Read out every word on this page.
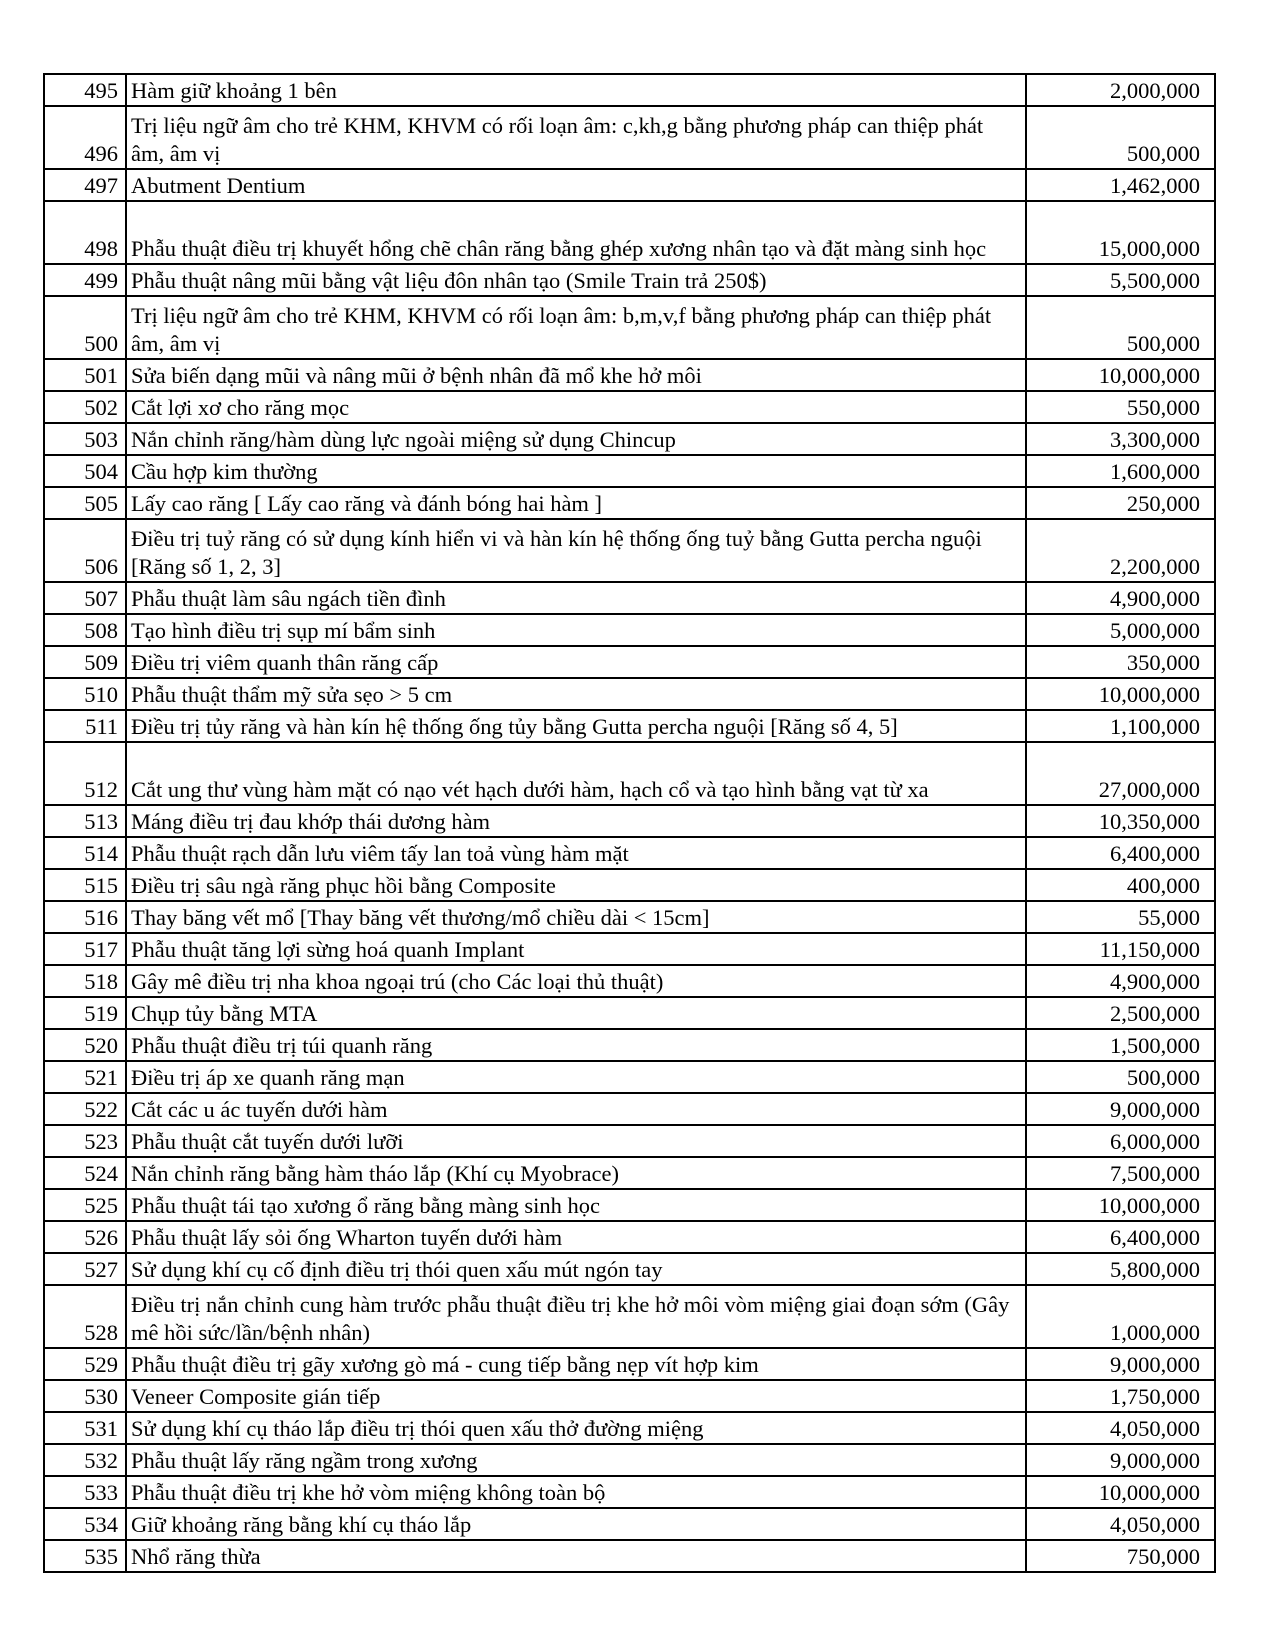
495	Hàm giữ khoảng 1 bên	2,000,000
496	Trị liệu ngữ âm cho trẻ KHM, KHVM có rối loạn âm: c,kh,g bằng phương pháp can thiệp phát âm, âm vị	500,000
497	Abutment Dentium	1,462,000
498	Phẫu thuật điều trị khuyết hổng chẽ chân răng bằng ghép xương nhân tạo và đặt màng sinh học	15,000,000
499	Phẫu thuật nâng mũi bằng vật liệu đôn nhân tạo (Smile Train trả 250$)	5,500,000
500	Trị liệu ngữ âm cho trẻ KHM, KHVM có rối loạn âm: b,m,v,f bằng phương pháp can thiệp phát âm, âm vị	500,000
501	Sửa biến dạng mũi và nâng mũi ở bệnh nhân đã mổ khe hở môi	10,000,000
502	Cắt lợi xơ cho răng mọc	550,000
503	Nắn chỉnh răng/hàm dùng lực ngoài miệng sử dụng Chincup	3,300,000
504	Cầu hợp kim thường	1,600,000
505	Lấy cao răng [ Lấy cao răng và đánh bóng hai hàm ]	250,000
506	Điều trị tuỷ răng có sử dụng kính hiển vi và hàn kín hệ thống ống tuỷ bằng Gutta percha nguội [Răng số 1, 2, 3]	2,200,000
507	Phẫu thuật làm sâu ngách tiền đình	4,900,000
508	Tạo hình điều trị sụp mí bẩm sinh	5,000,000
509	Điều trị viêm quanh thân răng cấp	350,000
510	Phẫu thuật thẩm mỹ sửa sẹo > 5 cm	10,000,000
511	Điều trị tủy răng và hàn kín hệ thống ống tủy bằng Gutta percha nguội [Răng số 4, 5]	1,100,000
512	Cắt ung thư vùng hàm mặt có nạo vét hạch dưới hàm, hạch cổ và tạo hình bằng vạt từ xa	27,000,000
513	Máng điều trị đau khớp thái dương hàm	10,350,000
514	Phẫu thuật rạch dẫn lưu viêm tấy lan toả vùng hàm mặt	6,400,000
515	Điều trị sâu ngà răng phục hồi bằng Composite	400,000
516	Thay băng vết mổ [Thay băng vết thương/mổ chiều dài < 15cm]	55,000
517	Phẫu thuật tăng lợi sừng hoá quanh Implant	11,150,000
518	Gây mê điều trị nha khoa ngoại trú (cho Các loại thủ thuật)	4,900,000
519	Chụp tủy bằng MTA	2,500,000
520	Phẫu thuật điều trị túi quanh răng	1,500,000
521	Điều trị áp xe quanh răng mạn	500,000
522	Cắt các u ác tuyến dưới hàm	9,000,000
523	Phẫu thuật cắt tuyến dưới lưỡi	6,000,000
524	Nắn chỉnh răng bằng hàm tháo lắp (Khí cụ Myobrace)	7,500,000
525	Phẫu thuật tái tạo xương ổ răng bằng màng sinh học	10,000,000
526	Phẫu thuật lấy sỏi ống Wharton tuyến dưới hàm	6,400,000
527	Sử dụng khí cụ cố định điều trị thói quen xấu mút ngón tay	5,800,000
528	Điều trị nắn chỉnh cung hàm trước phẫu thuật điều trị khe hở môi vòm miệng giai đoạn sớm (Gây mê hồi sức/lần/bệnh nhân)	1,000,000
529	Phẫu thuật điều trị gãy xương gò má - cung tiếp bằng nẹp vít hợp kim	9,000,000
530	Veneer Composite gián tiếp	1,750,000
531	Sử dụng khí cụ tháo lắp điều trị thói quen xấu thở đường miệng	4,050,000
532	Phẫu thuật lấy răng ngầm trong xương	9,000,000
533	Phẫu thuật điều trị khe hở vòm miệng không toàn bộ	10,000,000
534	Giữ khoảng răng bằng khí cụ tháo lắp	4,050,000
535	Nhổ răng thừa	750,000
